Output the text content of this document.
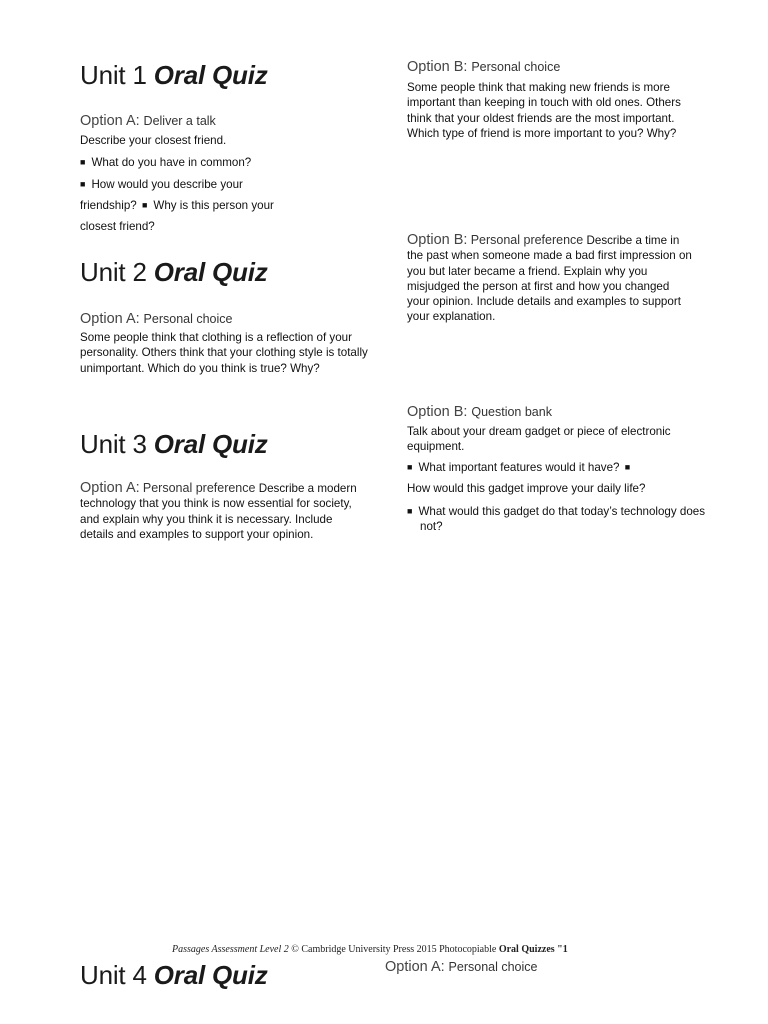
Unit 1 Oral Quiz
Option A: Deliver a talk
Describe your closest friend.
■ What do you have in common?
■ How would you describe your
friendship? ■ Why is this person your
closest friend?
Option B: Personal choice

Some people think that making new friends is more important than keeping in touch with old ones. Others think that your oldest friends are the most important. Which type of friend is more important to you? Why?

Unit 2 Oral Quiz
Option A: Personal choice

Some people think that clothing is a reflection of your personality. Others think that your clothing style is totally unimportant. Which do you think is true? Why?

Option B: Personal preference Describe a time in the past when someone made a bad first impression on you but later became a friend. Explain why you misjudged the person at first and how you changed your opinion. Include details and examples to support your explanation.
Unit 3 Oral Quiz
Option A: Personal preference Describe a modern technology that you think is now essential for society, and explain why you think it is necessary. Include details and examples to support your opinion.
Option B: Question bank

Talk about your dream gadget or piece of electronic equipment.

■ What important features would it have? ■
How would this gadget improve your daily life?
■ What would this gadget do that today’s technology does not?
Passages Assessment Level 2 © Cambridge University Press 2015 Photocopiable Oral Quizzes "1
Unit 4 Oral Quiz	Option A: Personal choice
